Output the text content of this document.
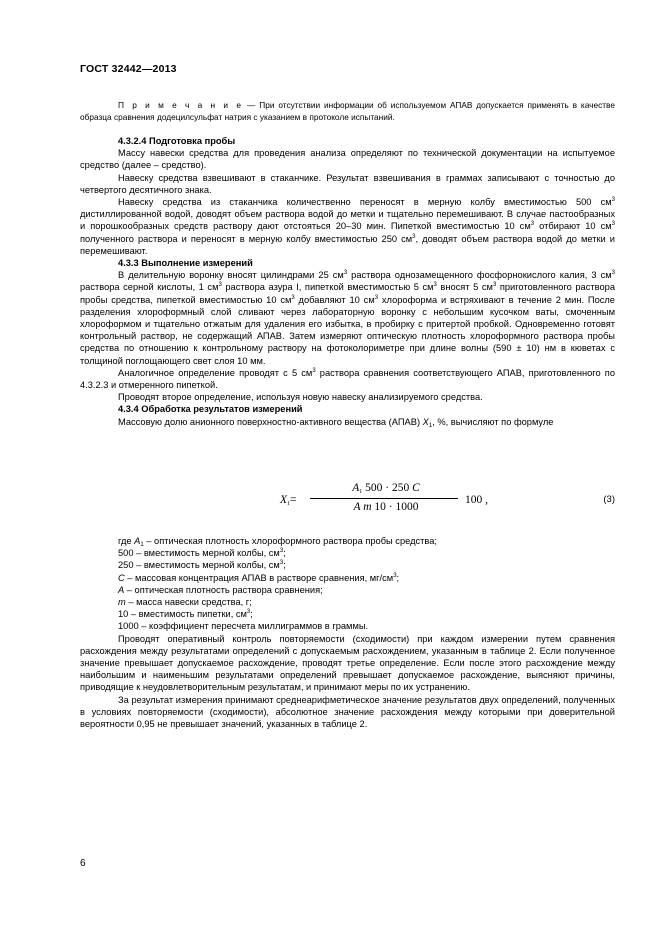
ГОСТ 32442—2013

П р и м е ч а н и е — При отсутствии информации об используемом АПАВ допускается применять в качестве образца сравнения додецилсульфат натрия с указанием в протоколе испытаний.

4.3.2.4 Подготовка пробы

Массу навески средства для проведения анализа определяют по технической документации на испытуемое средство (далее – средство).

Навеску средства взвешивают в стаканчике. Результат взвешивания в граммах записывают с точностью до четвертого десятичного знака.

Навеску средства из стаканчика количественно переносят в мерную колбу вместимостью 500 $см^3$ дистиллированной водой, доводят объем раствора водой до метки и тщательно перемешивают. В случае пастообразных и порошкообразных средств раствору дают отстояться 20–30 мин. Пипеткой вместимостью 10 $см^3$ отбирают 10 $см^3$ полученного раствора и переносят в мерную колбу вместимостью 250 $см^3$, доводят объем раствора водой до метки и перемешивают.

4.3.3 Выполнение измерений

В делительную воронку вносят цилиндрами 25 $см^3$ раствора однозамещенного фосфорнокислого калия, 3 $см^3$ раствора серной кислоты, 1 $см^3$ раствора азура I, пипеткой вместимостью 5 $см^3$ вносят 5 $см^3$ приготовленного раствора пробы средства, пипеткой вместимостью 10 $см^3$ добавляют 10 $см^3$ хлороформа и встряхивают в течение 2 мин. После разделения хлороформный слой сливают через лабораторную воронку с небольшим кусочком ваты, смоченным хлороформом и тщательно отжатым для удаления его избытка, в пробирку с притертой пробкой. Одновременно готовят контрольный раствор, не содержащий АПАВ. Затем измеряют оптическую плотность хлороформного раствора пробы средства по отношению к контрольному раствору на фотоколориметре при длине волны (590 ± 10) нм в кюветах с толщиной поглощающего свет слоя 10 мм.

Аналогичное определение проводят с 5 $см^3$ раствора сравнения соответствующего АПАВ, приготовленного по 4.3.2.3 и отмеренного пипеткой.

Проводят второе определение, используя новую навеску анализируемого средства.

4.3.4 Обработка результатов измерений

Массовую долю анионного поверхностно-активного вещества (АПАВ) $X_1$, %, вычисляют по формуле

$X_1=$
$A_1$ 500 · 250 C
A m 10 · 1000
100 ,	(3)

где $A_1$ – оптическая плотность хлороформного раствора пробы средства;

500 – вместимость мерной колбы, $см^3$;

250 – вместимость мерной колбы, $см^3$;

C – массовая концентрация АПАВ в растворе сравнения, $мг/см^3$;

A – оптическая плотность раствора сравнения;

m – масса навески средства, г;

10 – вместимость пипетки, $см^3$;

1000 – коэффициент пересчета миллиграммов в граммы.

Проводят оперативный контроль повторяемости (сходимости) при каждом измерении путем сравнения расхождения между результатами определений с допускаемым расхождением, указанным в таблице 2. Если полученное значение превышает допускаемое расхождение, проводят третье определение. Если после этого расхождение между наибольшим и наименьшим результатами определений превышает допускаемое расхождение, выясняют причины, приводящие к неудовлетворительным результатам, и принимают меры по их устранению.

За результат измерения принимают среднеарифметическое значение результатов двух определений, полученных в условиях повторяемости (сходимости), абсолютное значение расхождения между которыми при доверительной вероятности 0,95 не превышает значений, указанных в таблице 2.

6
